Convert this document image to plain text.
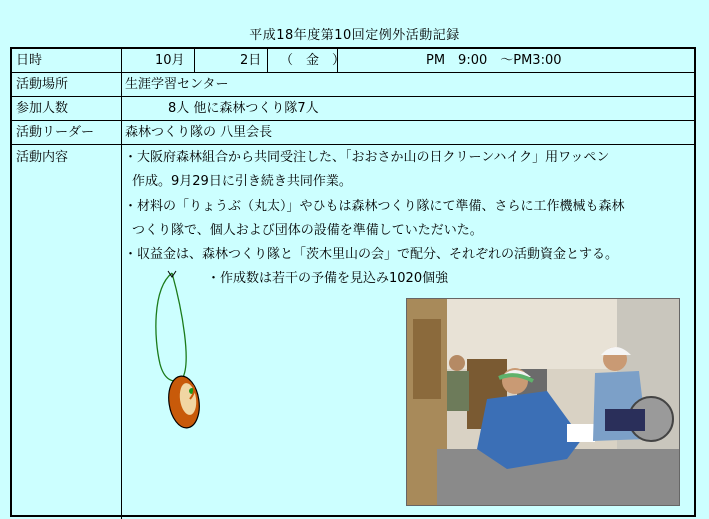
平成18年度第10回定例外活動記録
日時	10月	2日 （　金　）	PM　9:00　～PM3:00
活動場所	生涯学習センター
参加人数	8人 他に森林つくり隊7人
活動リーダー 森林つくり隊の 八里会長
活動内容	・大阪府森林組合から共同受注した、「おおさか山の日クリーンハイク」用ワッペン
作成。9月29日に引き続き共同作業。
・材料の「りょうぶ（丸太）」やひもは森林つくり隊にて準備、さらに工作機械も森林
つくり隊で、個人および団体の設備を準備していただいた。
・収益金は、森林つくり隊と「茨木里山の会」で配分、それぞれの活動資金とする。
・作成数は若干の予備を見込み1020個強
